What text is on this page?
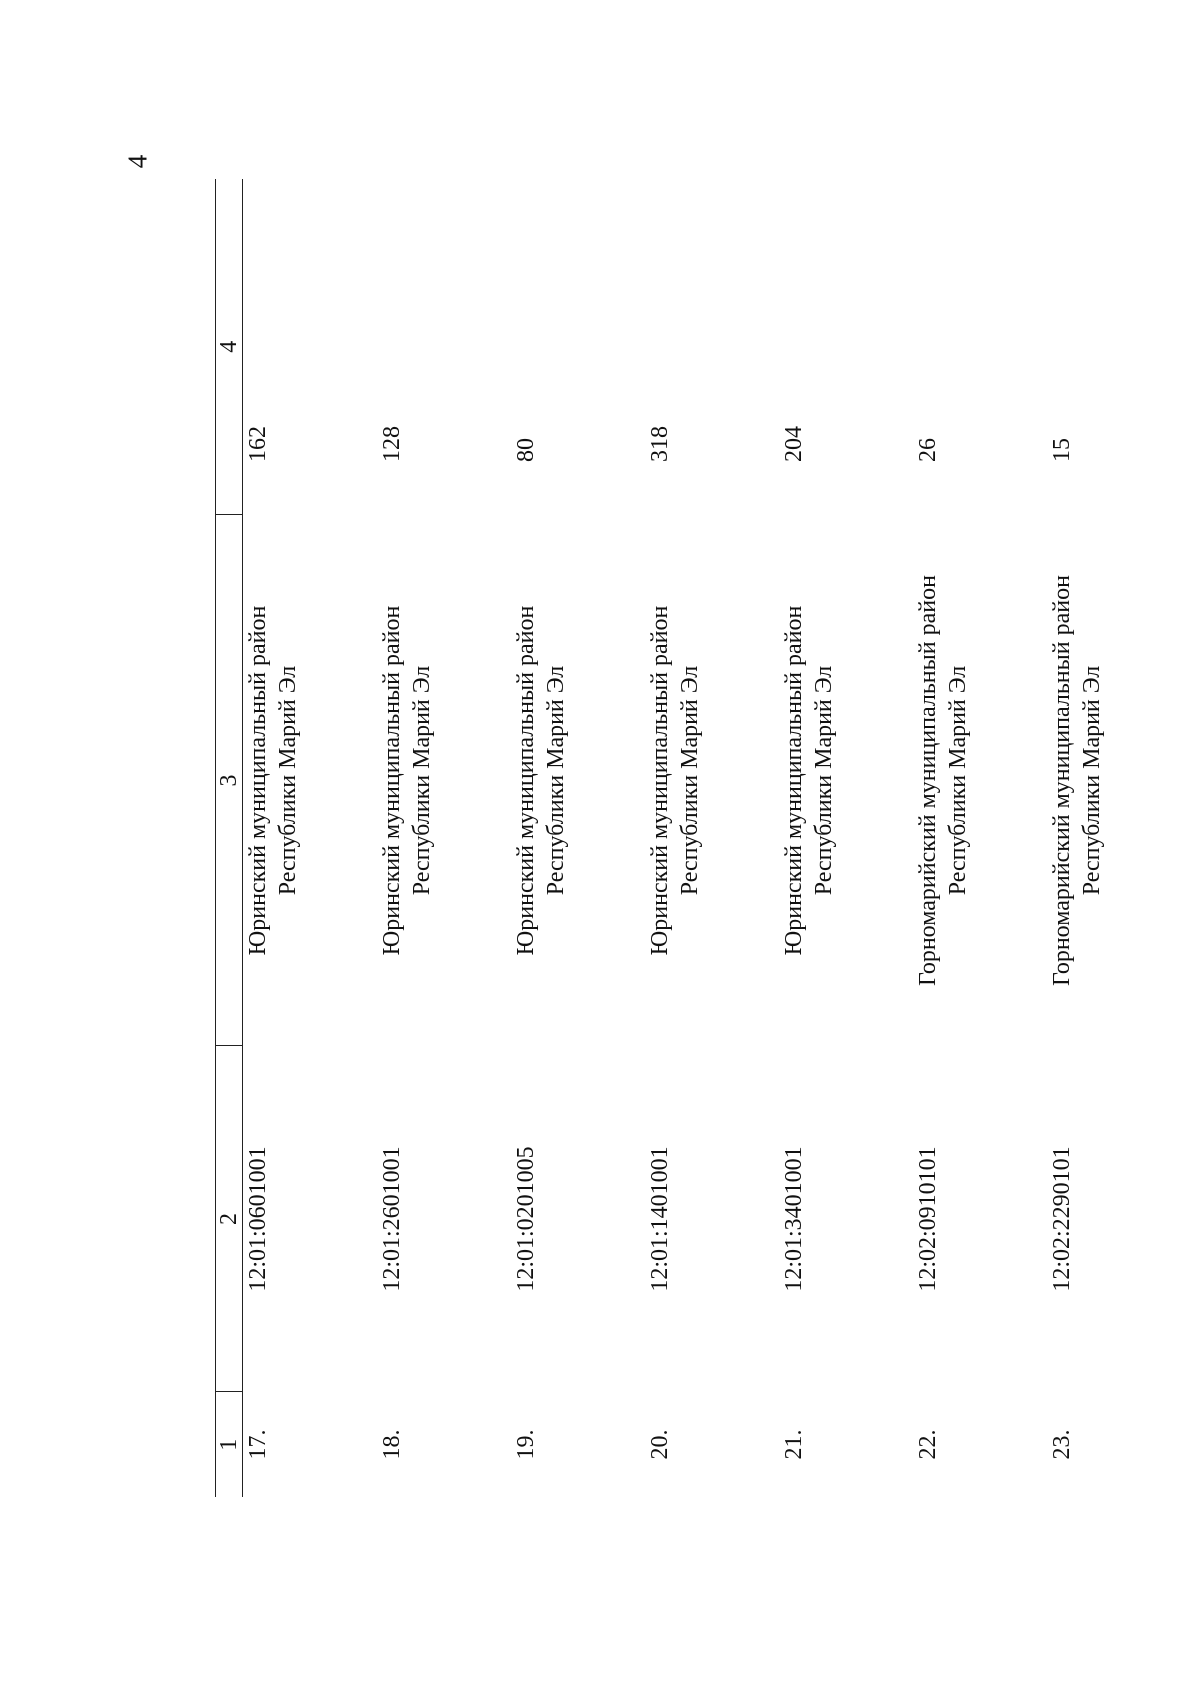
4
1	2	3	4
17.	12:01:0601001	Юринский муниципальный район Республики Марий Эл	162
18.	12:01:2601001	Юринский муниципальный район Республики Марий Эл	128
19.	12:01:0201005	Юринский муниципальный район Республики Марий Эл	80
20.	12:01:1401001	Юринский муниципальный район Республики Марий Эл	318
21.	12:01:3401001	Юринский муниципальный район Республики Марий Эл	204
22.	12:02:0910101	Горномарийский муниципальный район Республики Марий Эл	26
23.	12:02:2290101	Горномарийский муниципальный район Республики Марий Эл	15
